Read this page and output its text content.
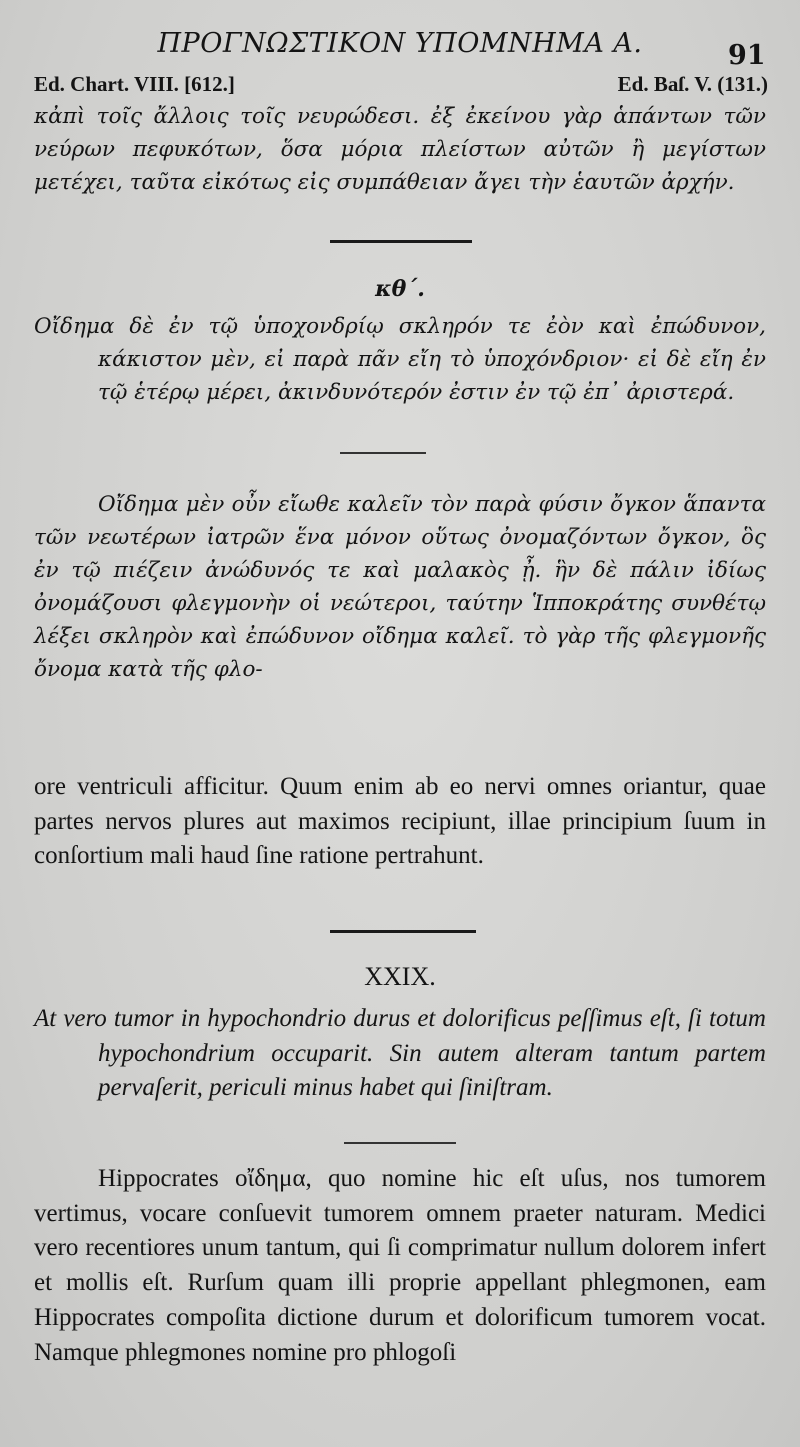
ΠΡΟΓΝΩΣΤΙΚΟΝ ΥΠΟΜΝΗΜΑ Α.	91
Ed. Chart. VIII. [612.]	Ed. Baſ. V. (131.)

κἀπὶ τοῖς ἄλλοις τοῖς νευρώδεσι. ἐξ ἐκείνου γὰρ ἁπάντων τῶν νεύρων πεφυκότων, ὅσα μόρια πλείστων αὐτῶν ἢ μεγίστων μετέχει, ταῦτα εἰκότως εἰς συμπάθειαν ἄγει τὴν ἑαυτῶν ἀρχήν.

κθ΄.

Οἴδημα δὲ ἐν τῷ ὑποχονδρίῳ σκληρόν τε ἐὸν καὶ ἐπώδυνον, κάκιστον μὲν, εἰ παρὰ πᾶν εἴη τὸ ὑποχόνδριον· εἰ δὲ εἴη ἐν τῷ ἑτέρῳ μέρει, ἀκινδυνότερόν ἐστιν ἐν τῷ ἐπ᾽ ἀριστερά.

Οἴδημα μὲν οὖν εἴωθε καλεῖν τὸν παρὰ φύσιν ὄγκον ἅπαντα τῶν νεωτέρων ἰατρῶν ἕνα μόνον οὕτως ὀνομαζόντων ὄγκον, ὃς ἐν τῷ πιέζειν ἀνώδυνός τε καὶ μαλακὸς ᾖ. ἣν δὲ πάλιν ἰδίως ὀνομάζουσι φλεγμονὴν οἱ νεώτεροι, ταύτην Ἱπποκράτης συνθέτῳ λέξει σκληρὸν καὶ ἐπώδυνον οἴδημα καλεῖ. τὸ γὰρ τῆς φλεγμονῆς ὄνομα κατὰ τῆς φλο-

ore ventriculi afficitur. Quum enim ab eo nervi omnes oriantur, quae partes nervos plures aut maximos recipiunt, illae principium ſuum in conſortium mali haud ſine ratione pertrahunt.

XXIX.

At vero tumor in hypochondrio durus et dolorificus peſſimus eſt, ſi totum hypochondrium occuparit. Sin autem alteram tantum partem pervaſerit, periculi minus habet qui ſiniſtram.

Hippocrates οἴδημα, quo nomine hic eſt uſus, nos tumorem vertimus, vocare conſuevit tumorem omnem praeter naturam. Medici vero recentiores unum tantum, qui ſi comprimatur nullum dolorem infert et mollis eſt. Rurſum quam illi proprie appellant phlegmonen, eam Hippocrates compoſita dictione durum et dolorificum tumorem vocat. Namque phlegmones nomine pro phlogoſi
